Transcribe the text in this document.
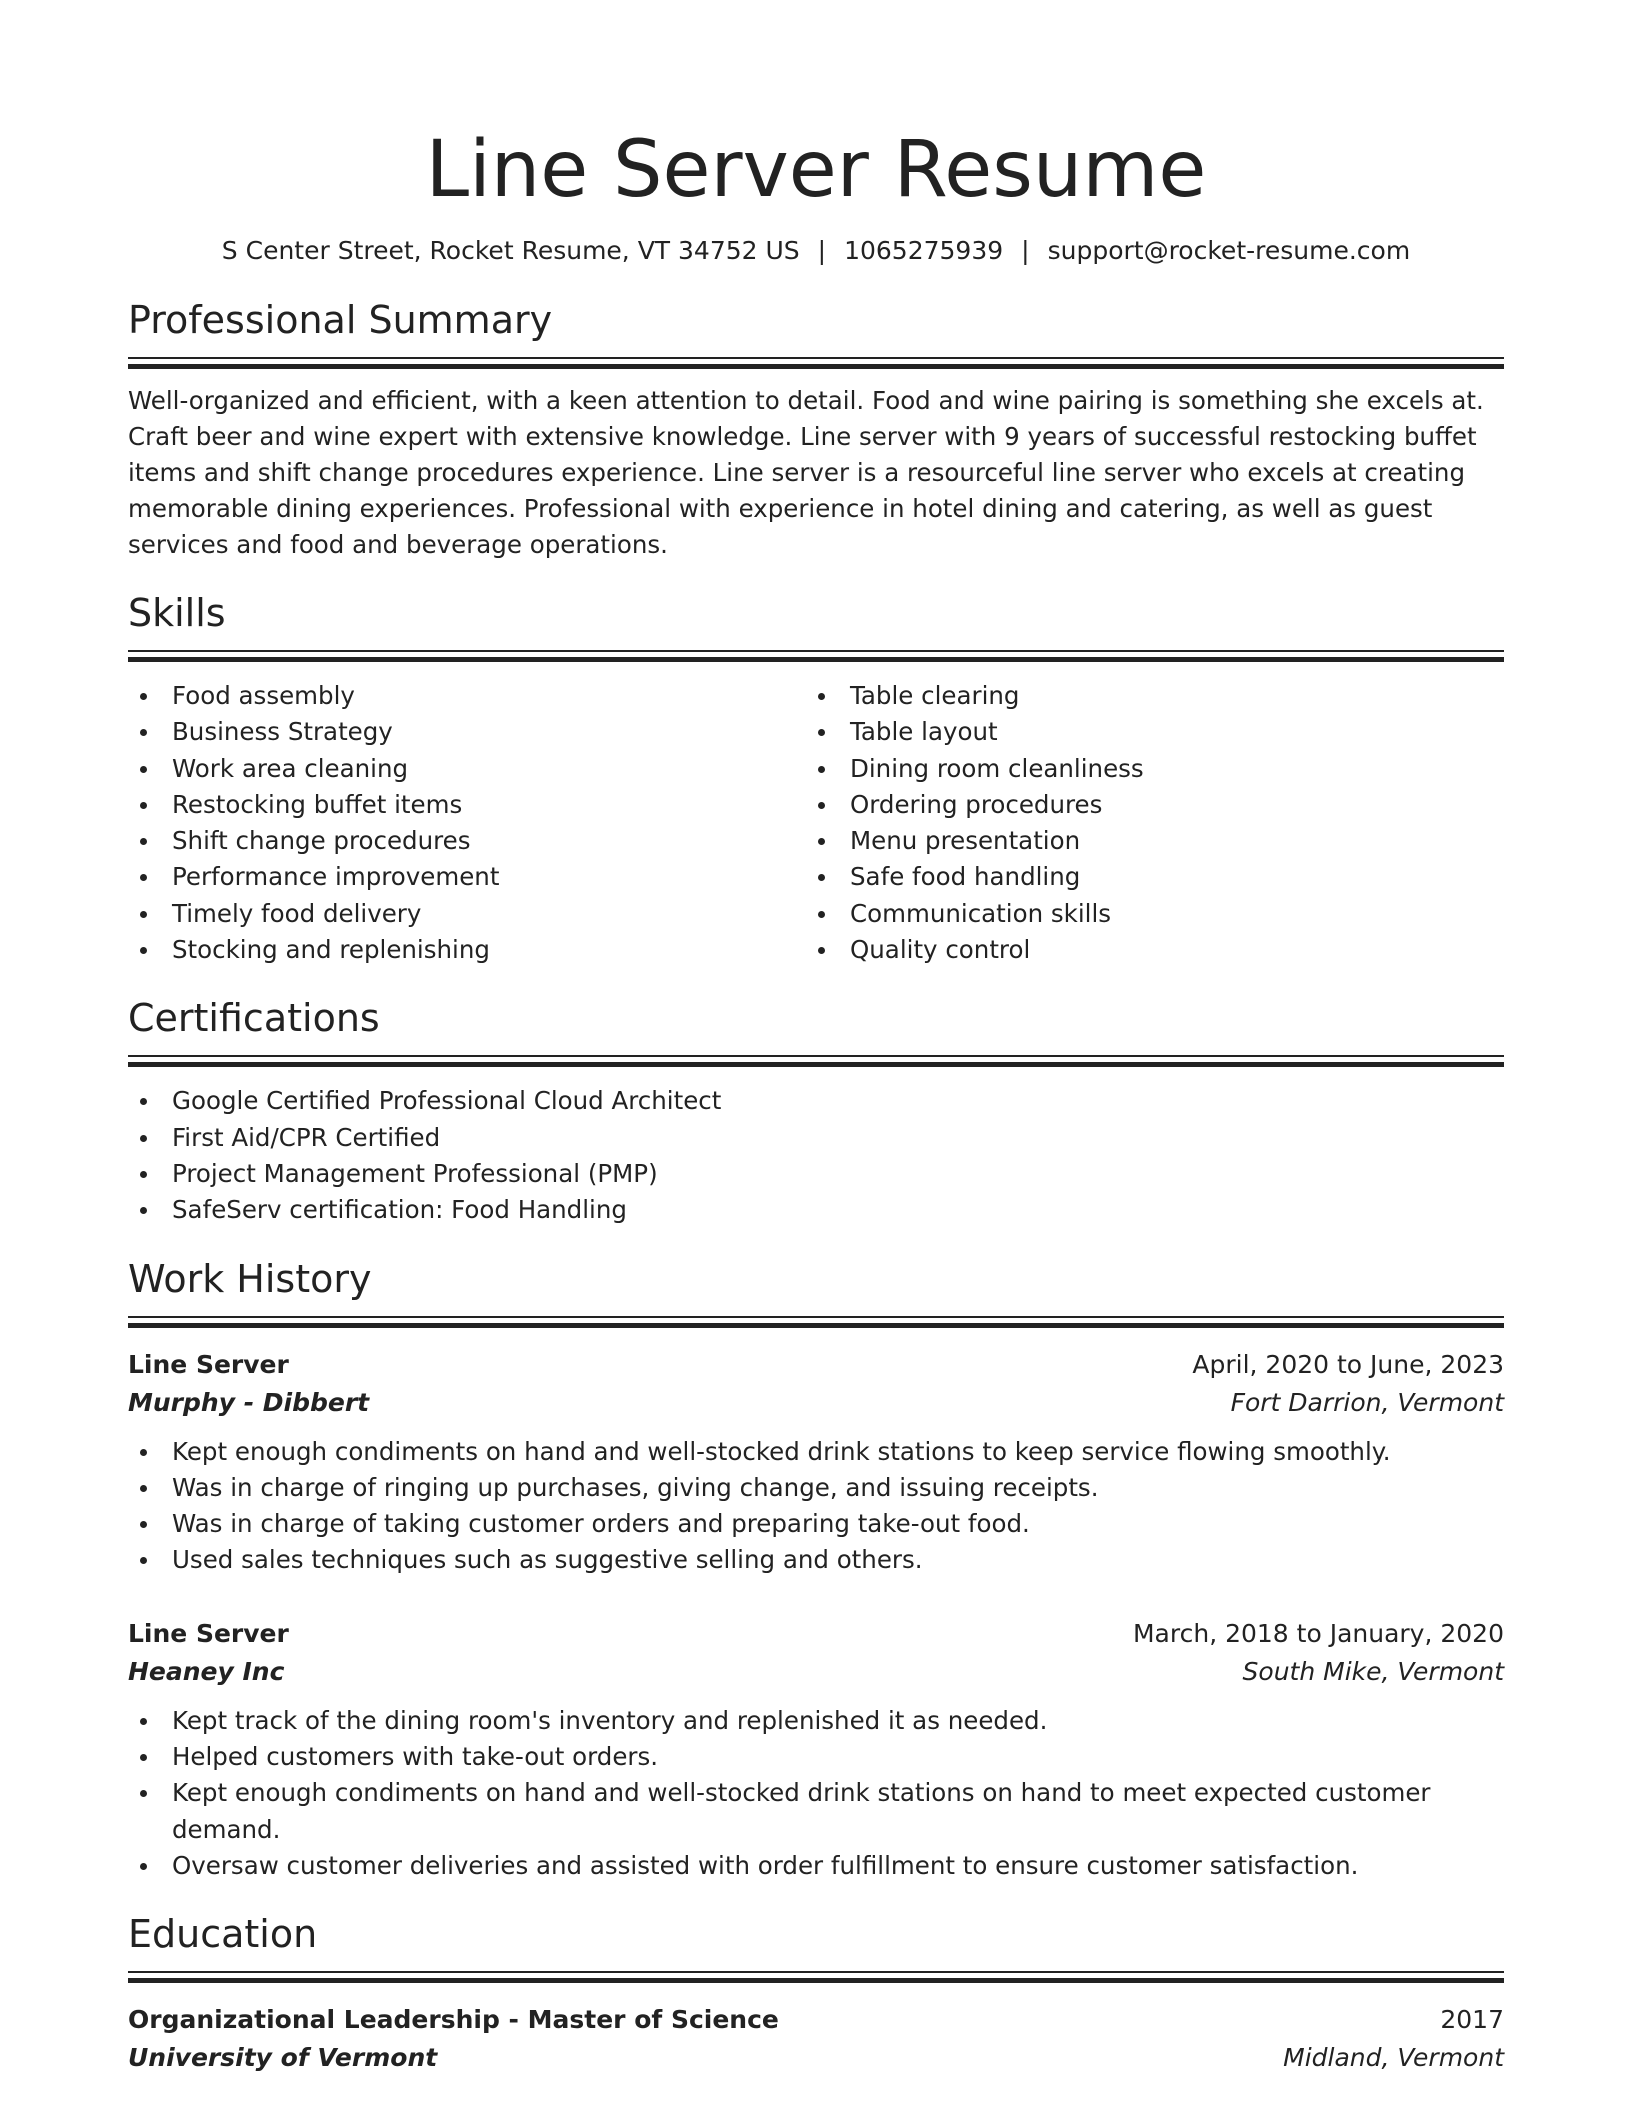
Line Server Resume
S Center Street, Rocket Resume, VT 34752 US | 1065275939 | support@rocket-resume.com
Professional Summary

Well-organized and efficient, with a keen attention to detail. Food and wine pairing is something she excels at. Craft beer and wine expert with extensive knowledge. Line server with 9 years of successful restocking buffet items and shift change procedures experience. Line server is a resourceful line server who excels at creating memorable dining experiences. Professional with experience in hotel dining and catering, as well as guest services and food and beverage operations.

Skills
Food assembly
Business Strategy
Work area cleaning
Restocking buffet items
Shift change procedures
Performance improvement
Timely food delivery
Stocking and replenishing
Table clearing
Table layout
Dining room cleanliness
Ordering procedures
Menu presentation
Safe food handling
Communication skills
Quality control
Certifications
Google Certified Professional Cloud Architect
First Aid/CPR Certified
Project Management Professional (PMP)
SafeServ certification: Food Handling
Work History
Line Server	April, 2020 to June, 2023
Murphy - Dibbert	Fort Darrion, Vermont
Kept enough condiments on hand and well-stocked drink stations to keep service flowing smoothly.
Was in charge of ringing up purchases, giving change, and issuing receipts.
Was in charge of taking customer orders and preparing take-out food.
Used sales techniques such as suggestive selling and others.
Line Server	March, 2018 to January, 2020
Heaney Inc	South Mike, Vermont
Kept track of the dining room's inventory and replenished it as needed.
Helped customers with take-out orders.
Kept enough condiments on hand and well-stocked drink stations on hand to meet expected customer demand.
Oversaw customer deliveries and assisted with order fulfillment to ensure customer satisfaction.
Education
Organizational Leadership - Master of Science	2017
University of Vermont	Midland, Vermont
